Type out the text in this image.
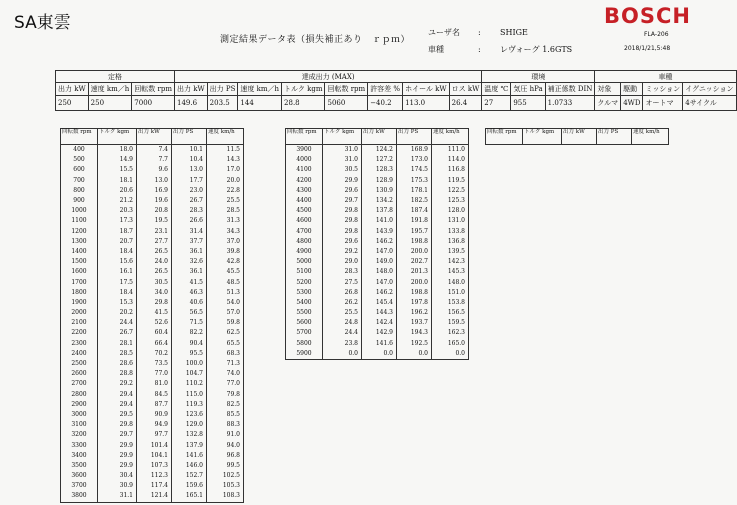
SA東雲
測定結果データ表（損失補正あり　ｒｐｍ）
ユーザ名 : SHIGE
車種	: レヴォーグ 1.6GTS
BOSCH
FLA-206
2018/1/21,5:48
定格			達成出力 (MAX)								環境			車種			
出力 kW	速度 km／h	回転数 rpm	出力 kW	出力 PS	速度 km／h	トルク kgm	回転数 rpm	許容差 %	ホイール kW	ロス kW	温度 ℃	気圧 hPa	補正係数 DIN	対象	駆動	ミッション	イグニッション
250	250	7000	149.6	203.5	144	28.8	5060	−40.2	113.0	26.4	27	955	1.0733	クルマ	4WD	オートマ	4サイクル
回転数 rpm	トルク kgm	出力 kW	出力 PS	速度 km/h
400	18.0	7.4	10.1	11.5
500	14.9	7.7	10.4	14.3
600	15.5	9.6	13.0	17.0
700	18.1	13.0	17.7	20.0
800	20.6	16.9	23.0	22.8
900	21.2	19.6	26.7	25.5
1000	20.3	20.8	28.3	28.5
1100	17.3	19.5	26.6	31.3
1200	18.7	23.1	31.4	34.3
1300	20.7	27.7	37.7	37.0
1400	18.4	26.5	36.1	39.8
1500	15.6	24.0	32.6	42.8
1600	16.1	26.5	36.1	45.5
1700	17.5	30.5	41.5	48.5
1800	18.4	34.0	46.3	51.3
1900	15.3	29.8	40.6	54.0
2000	20.2	41.5	56.5	57.0
2100	24.4	52.6	71.5	59.8
2200	26.7	60.4	82.2	62.5
2300	28.1	66.4	90.4	65.5
2400	28.5	70.2	95.5	68.3
2500	28.6	73.5	100.0	71.3
2600	28.8	77.0	104.7	74.0
2700	29.2	81.0	110.2	77.0
2800	29.4	84.5	115.0	79.8
2900	29.4	87.7	119.3	82.5
3000	29.5	90.9	123.6	85.5
3100	29.8	94.9	129.0	88.3
3200	29.7	97.7	132.8	91.0
3300	29.9	101.4	137.9	94.0
3400	29.9	104.1	141.6	96.8
3500	29.9	107.3	146.0	99.5
3600	30.4	112.3	152.7	102.5
3700	30.9	117.4	159.6	105.3
3800	31.1	121.4	165.1	108.3
回転数 rpm	トルク kgm	出力 kW	出力 PS	速度 km/h
3900	31.0	124.2	168.9	111.0
4000	31.0	127.2	173.0	114.0
4100	30.5	128.3	174.5	116.8
4200	29.9	128.9	175.3	119.5
4300	29.6	130.9	178.1	122.5
4400	29.7	134.2	182.5	125.3
4500	29.8	137.8	187.4	128.0
4600	29.8	141.0	191.8	131.0
4700	29.8	143.9	195.7	133.8
4800	29.6	146.2	198.8	136.8
4900	29.2	147.0	200.0	139.5
5000	29.0	149.0	202.7	142.3
5100	28.3	148.0	201.3	145.3
5200	27.5	147.0	200.0	148.0
5300	26.8	146.2	198.8	151.0
5400	26.2	145.4	197.8	153.8
5500	25.5	144.3	196.2	156.5
5600	24.8	142.4	193.7	159.5
5700	24.4	142.9	194.3	162.3
5800	23.8	141.6	192.5	165.0
5900	0.0	0.0	0.0	0.0
回転数 rpm	トルク kgm	出力 kW	出力 PS	速度 km/h
